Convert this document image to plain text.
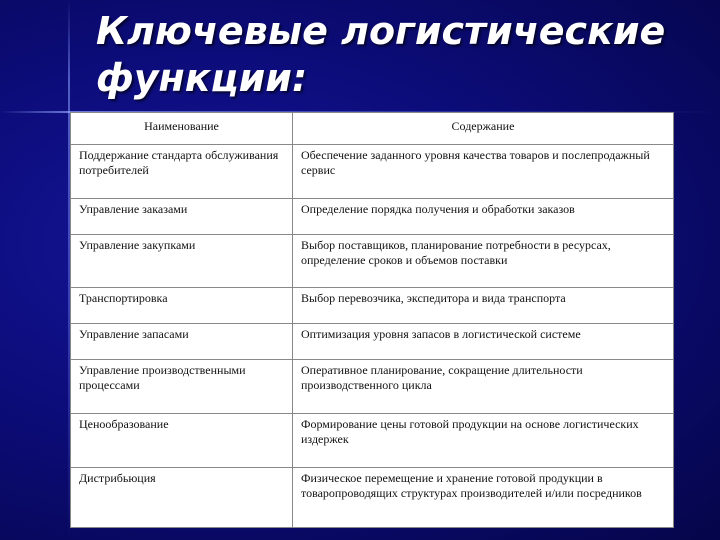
Ключевые логистические функции:
Наименование	Содержание
Поддержание стандарта обслуживания потребителей	Обеспечение заданного уровня качества товаров и послепродажный сервис
Управление заказами	Определение порядка получения и обработки заказов
Управление закупками	Выбор поставщиков, планирование потребности в ресурсах, определение сроков и объемов поставки
Транспортировка	Выбор перевозчика, экспедитора и вида транспорта
Управление запасами	Оптимизация уровня запасов в логистической системе
Управление производственными процессами	Оперативное планирование, сокращение длительности производственного цикла
Ценообразование	Формирование цены готовой продукции на основе логистических издержек
Дистрибьюция	Физическое перемещение и хранение готовой продукции в товаропроводящих структурах производителей и/или посредников
